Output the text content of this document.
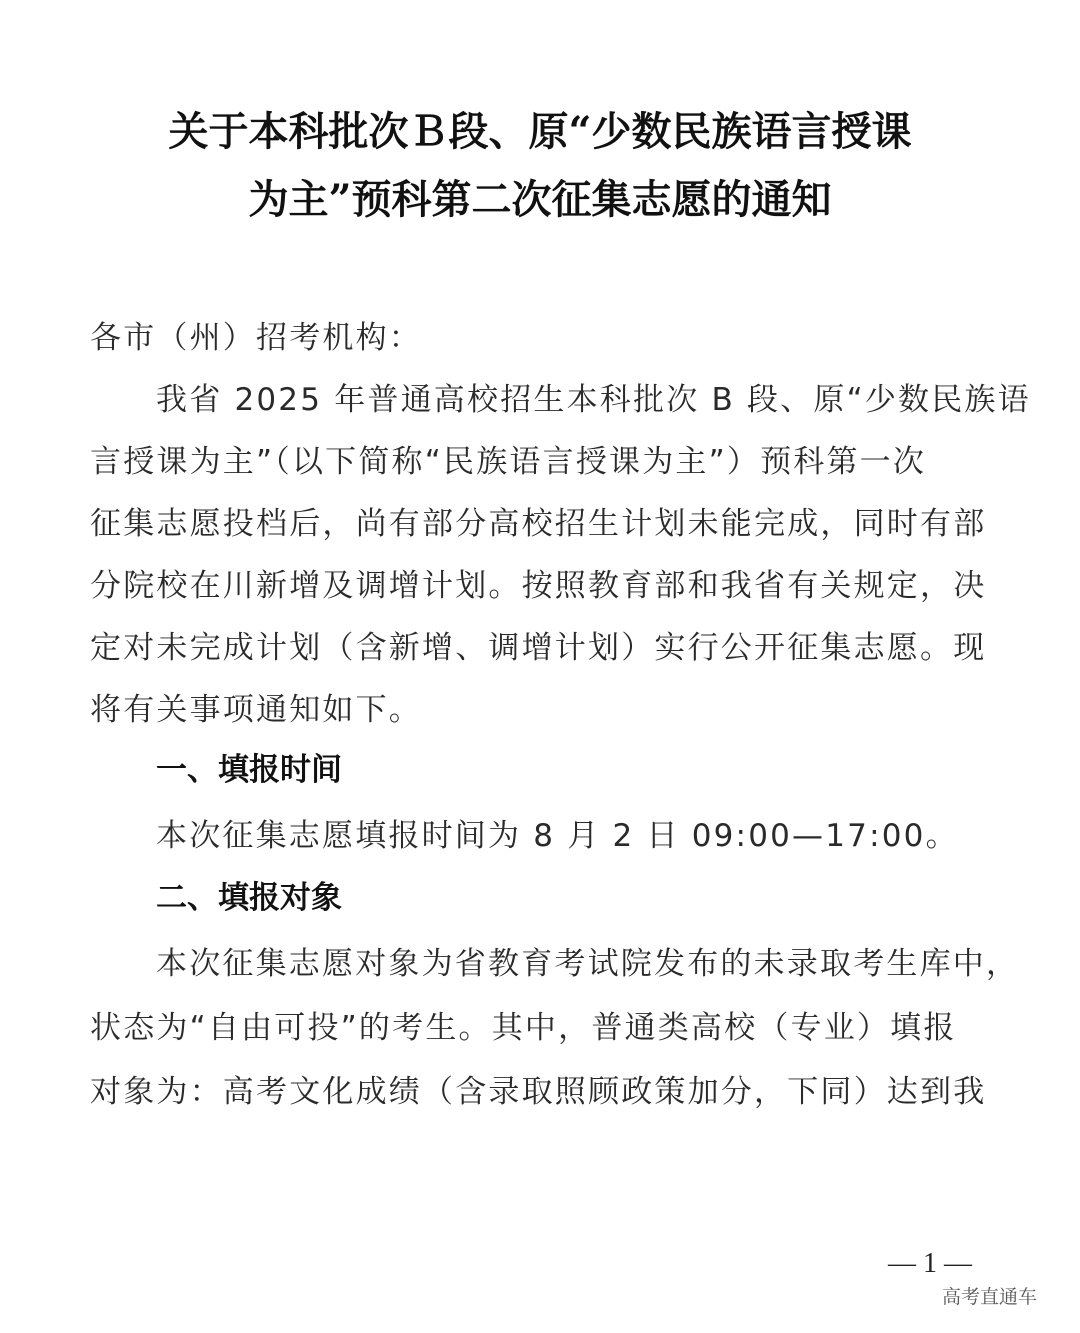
关于本科批次Ｂ段、原“少数民族语言授课
为主”预科第二次征集志愿的通知
各市（州）招考机构：
我省 2025 年普通高校招生本科批次 B 段、原“少数民族语
言授课为主”（以下简称“民族语言授课为主”）预科第一次
征集志愿投档后，尚有部分高校招生计划未能完成，同时有部
分院校在川新增及调增计划。按照教育部和我省有关规定，决
定对未完成计划（含新增、调增计划）实行公开征集志愿。现
将有关事项通知如下。
一、填报时间
本次征集志愿填报时间为 8 月 2 日 09:00—17:00。
二、填报对象
本次征集志愿对象为省教育考试院发布的未录取考生库中，
状态为“自由可投”的考生。其中，普通类高校（专业）填报
对象为：高考文化成绩（含录取照顾政策加分，下同）达到我
— 1 —
高考直通车
